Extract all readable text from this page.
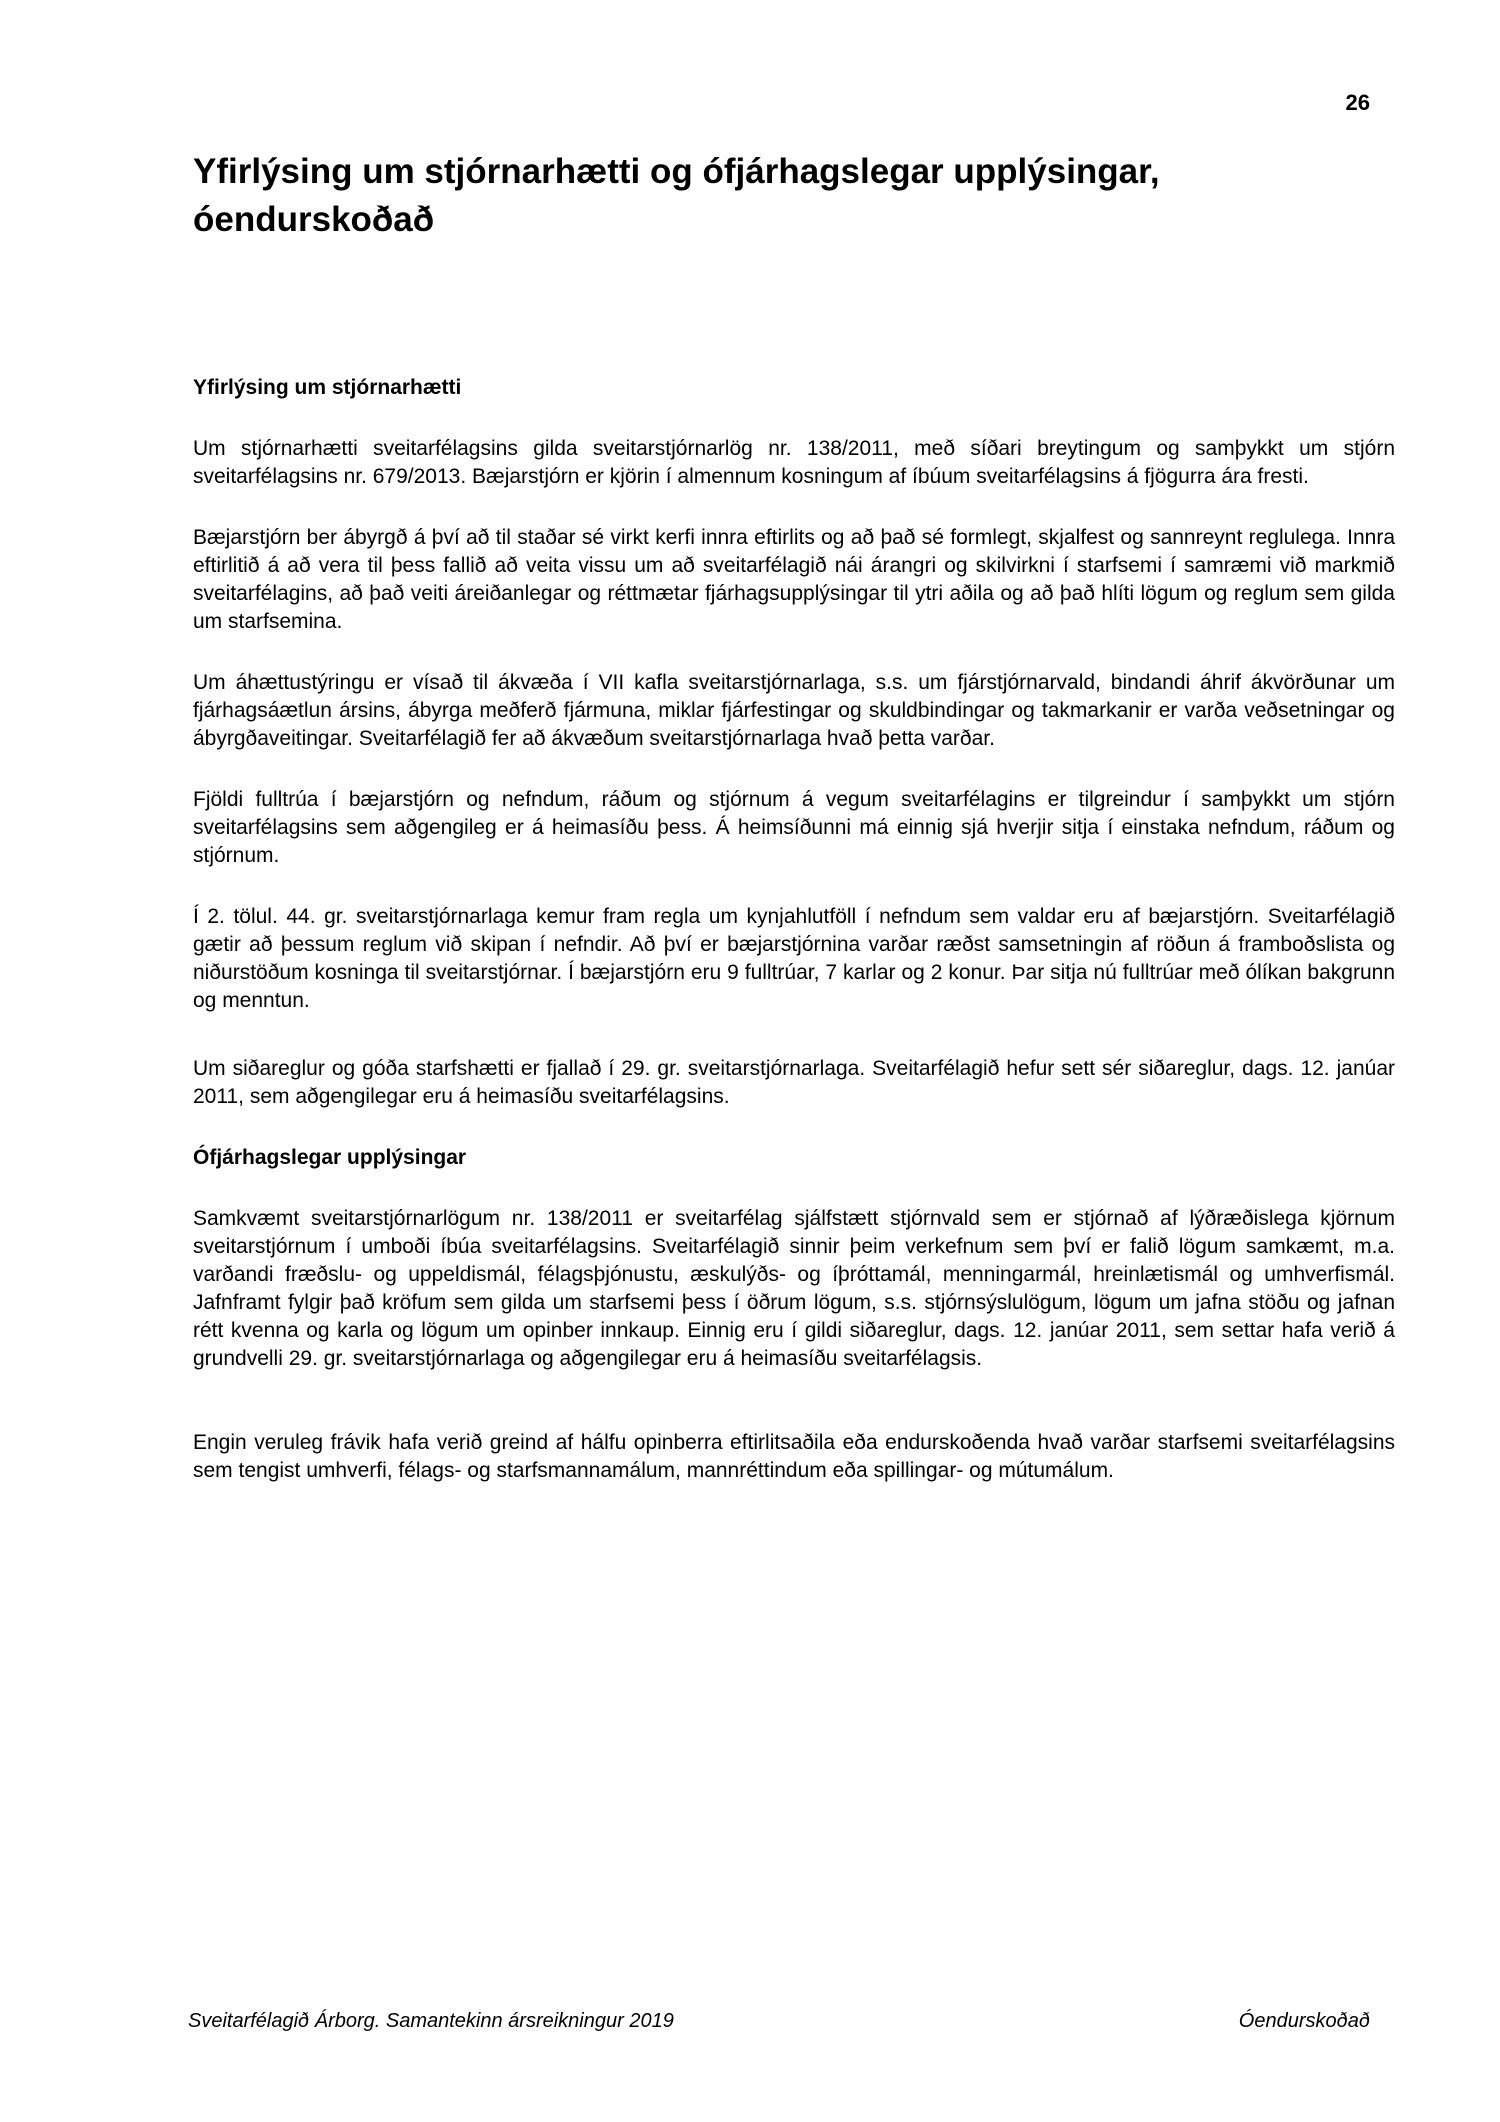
26
Yfirlýsing um stjórnarhætti og ófjárhagslegar upplýsingar,
óendurskoðað
Yfirlýsing um stjórnarhætti

Um stjórnarhætti sveitarfélagsins gilda sveitarstjórnarlög nr. 138/2011, með síðari breytingum og samþykkt um stjórn sveitarfélagsins nr. 679/2013. Bæjarstjórn er kjörin í almennum kosningum af íbúum sveitarfélagsins á fjögurra ára fresti.

Bæjarstjórn ber ábyrgð á því að til staðar sé virkt kerfi innra eftirlits og að það sé formlegt, skjalfest og sannreynt reglulega. Innra eftirlitið á að vera til þess fallið að veita vissu um að sveitarfélagið nái árangri og skilvirkni í starfsemi í samræmi við markmið sveitarfélagins, að það veiti áreiðanlegar og réttmætar fjárhagsupplýsingar til ytri aðila og að það hlíti lögum og reglum sem gilda um starfsemina.

Um áhættustýringu er vísað til ákvæða í VII kafla sveitarstjórnarlaga, s.s. um fjárstjórnarvald, bindandi áhrif ákvörðunar um fjárhagsáætlun ársins, ábyrga meðferð fjármuna, miklar fjárfestingar og skuldbindingar og takmarkanir er varða veðsetningar og ábyrgðaveitingar. Sveitarfélagið fer að ákvæðum sveitarstjórnarlaga hvað þetta varðar.

Fjöldi fulltrúa í bæjarstjórn og nefndum, ráðum og stjórnum á vegum sveitarfélagins er tilgreindur í samþykkt um stjórn sveitarfélagsins sem aðgengileg er á heimasíðu þess. Á heimsíðunni má einnig sjá hverjir sitja í einstaka nefndum, ráðum og stjórnum.

Í 2. tölul. 44. gr. sveitarstjórnarlaga kemur fram regla um kynjahlutföll í nefndum sem valdar eru af bæjarstjórn. Sveitarfélagið gætir að þessum reglum við skipan í nefndir. Að því er bæjarstjórnina varðar ræðst samsetningin af röðun á framboðslista og niðurstöðum kosninga til sveitarstjórnar. Í bæjarstjórn eru 9 fulltrúar, 7 karlar og 2 konur. Þar sitja nú fulltrúar með ólíkan bakgrunn og menntun.

Um siðareglur og góða starfshætti er fjallað í 29. gr. sveitarstjórnarlaga. Sveitarfélagið hefur sett sér siðareglur, dags. 12. janúar 2011, sem aðgengilegar eru á heimasíðu sveitarfélagsins.

Ófjárhagslegar upplýsingar

Samkvæmt sveitarstjórnarlögum nr. 138/2011 er sveitarfélag sjálfstætt stjórnvald sem er stjórnað af lýðræðislega kjörnum sveitarstjórnum í umboði íbúa sveitarfélagsins. Sveitarfélagið sinnir þeim verkefnum sem því er falið lögum samkæmt, m.a. varðandi fræðslu- og uppeldismál, félagsþjónustu, æskulýðs- og íþróttamál, menningarmál, hreinlætismál og umhverfismál. Jafnframt fylgir það kröfum sem gilda um starfsemi þess í öðrum lögum, s.s. stjórnsýslulögum, lögum um jafna stöðu og jafnan rétt kvenna og karla og lögum um opinber innkaup. Einnig eru í gildi siðareglur, dags. 12. janúar 2011, sem settar hafa verið á grundvelli 29. gr. sveitarstjórnarlaga og aðgengilegar eru á heimasíðu sveitarfélagsis.

Engin veruleg frávik hafa verið greind af hálfu opinberra eftirlitsaðila eða endurskoðenda hvað varðar starfsemi sveitarfélagsins sem tengist umhverfi, félags- og starfsmannamálum, mannréttindum eða spillingar- og mútumálum.

Sveitarfélagið Árborg. Samantekinn ársreikningur 2019	Óendurskoðað
